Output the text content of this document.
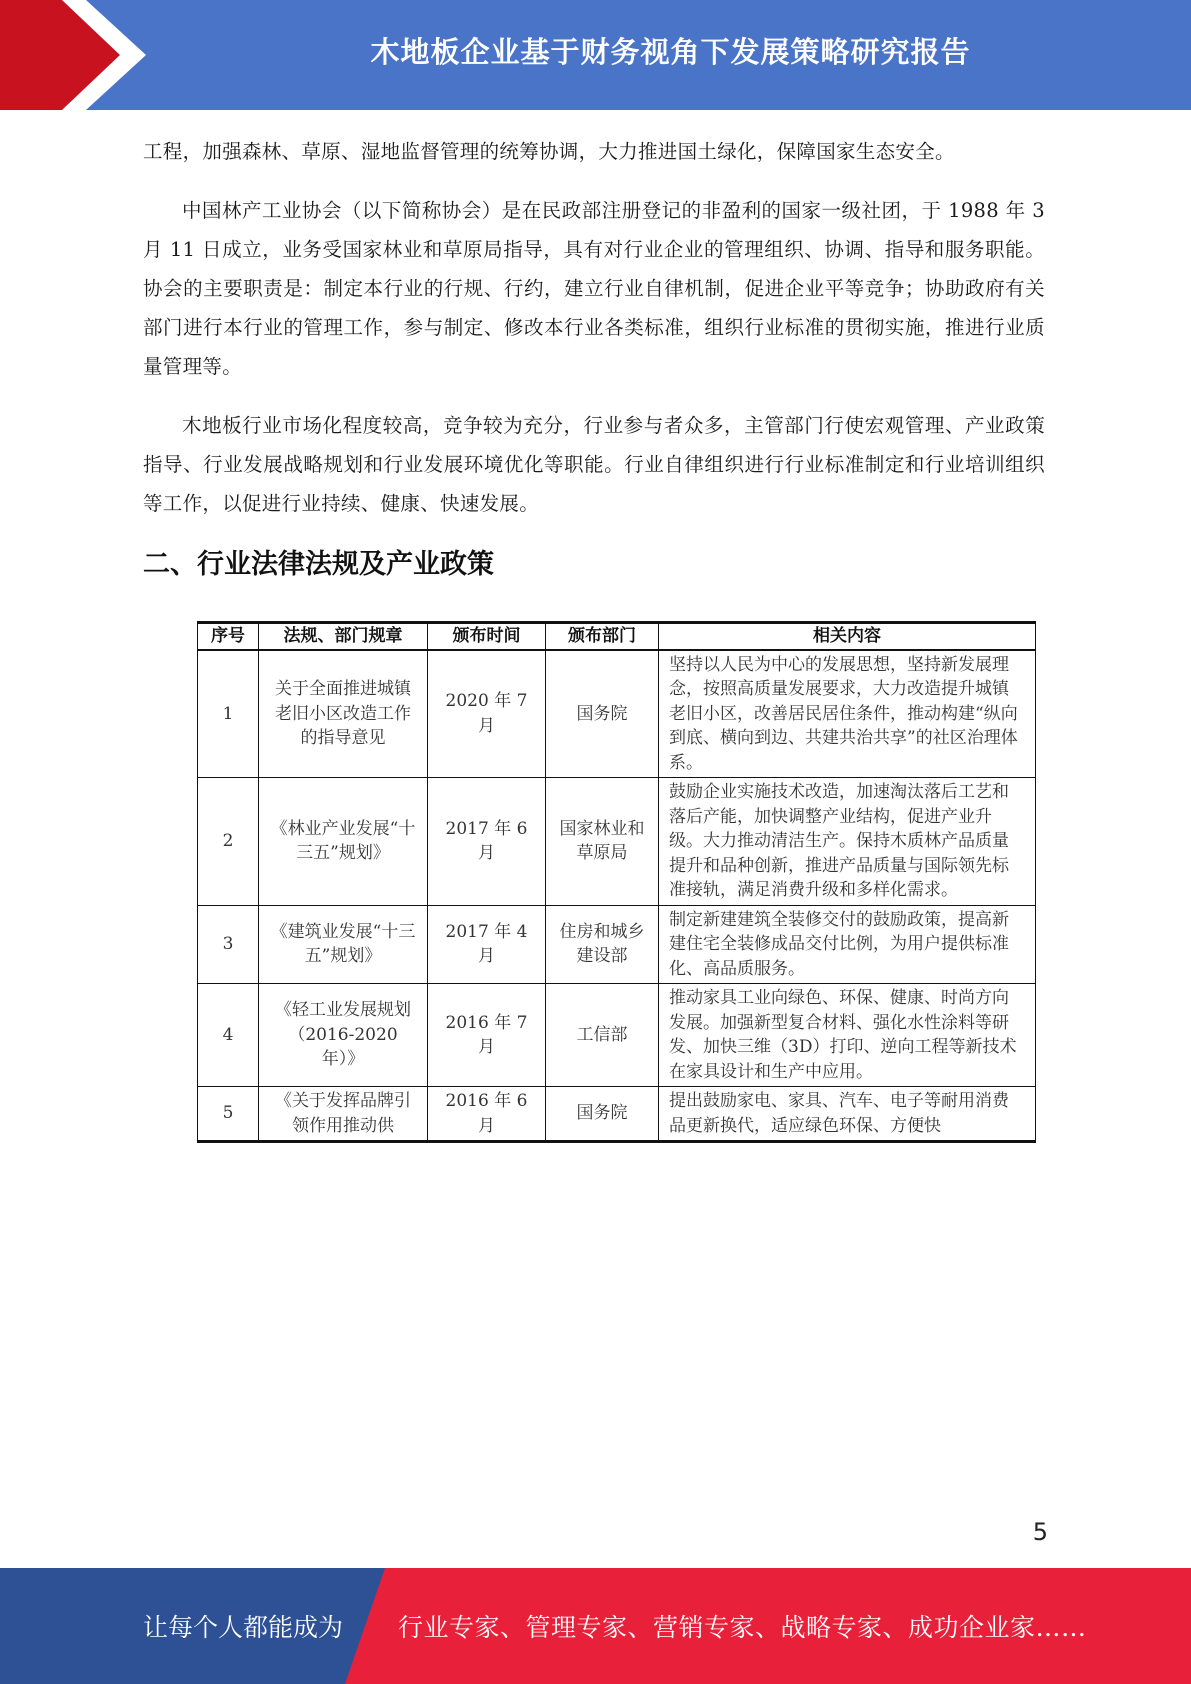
木地板企业基于财务视角下发展策略研究报告

工程，加强森林、草原、湿地监督管理的统筹协调，大力推进国土绿化，保障国家生态安全。

中国林产工业协会（以下简称协会）是在民政部注册登记的非盈利的国家一级社团，于 1988 年 3 月 11 日成立，业务受国家林业和草原局指导，具有对行业企业的管理组织、协调、指导和服务职能。协会的主要职责是：制定本行业的行规、行约，建立行业自律机制，促进企业平等竞争；协助政府有关部门进行本行业的管理工作，参与制定、修改本行业各类标准，组织行业标准的贯彻实施，推进行业质量管理等。

木地板行业市场化程度较高，竞争较为充分，行业参与者众多，主管部门行使宏观管理、产业政策指导、行业发展战略规划和行业发展环境优化等职能。行业自律组织进行行业标准制定和行业培训组织等工作，以促进行业持续、健康、快速发展。

二、行业法律法规及产业政策
序号	法规、部门规章	颁布时间	颁布部门	相关内容
1	关于全面推进城镇老旧小区改造工作的指导意见	2020 年 7 月	国务院	坚持以人民为中心的发展思想，坚持新发展理念，按照高质量发展要求，大力改造提升城镇老旧小区，改善居民居住条件，推动构建“纵向到底、横向到边、共建共治共享”的社区治理体系。
2	《林业产业发展“十三五”规划》	2017 年 6 月	国家林业和草原局	鼓励企业实施技术改造，加速淘汰落后工艺和落后产能，加快调整产业结构，促进产业升级。大力推动清洁生产。保持木质林产品质量提升和品种创新，推进产品质量与国际领先标准接轨，满足消费升级和多样化需求。
3	《建筑业发展“十三五”规划》	2017 年 4 月	住房和城乡建设部	制定新建建筑全装修交付的鼓励政策，提高新建住宅全装修成品交付比例，为用户提供标准化、高品质服务。
4	《轻工业发展规划（2016-2020 年）》	2016 年 7 月	工信部	推动家具工业向绿色、环保、健康、时尚方向发展。加强新型复合材料、强化水性涂料等研发、加快三维（3D）打印、逆向工程等新技术在家具设计和生产中应用。
5	《关于发挥品牌引领作用推动供	2016 年 6 月	国务院	提出鼓励家电、家具、汽车、电子等耐用消费品更新换代，适应绿色环保、方便快
5
让每个人都能成为 行业专家、管理专家、营销专家、战略专家、成功企业家……
